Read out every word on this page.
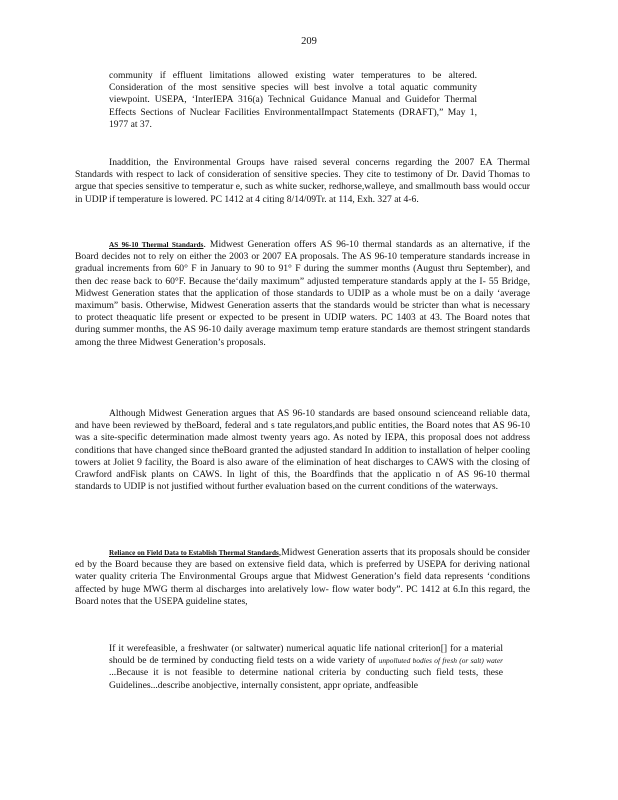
209

community if effluent limitations allowed existing water temperatures to be altered. Consideration of the most sensitive species will best involve a total aquatic community viewpoint. USEPA, ‘InterIEPA 316(a) Technical Guidance Manual and Guidefor Thermal Effects Sections of Nuclear Facilities EnvironmentalImpact Statements (DRAFT),” May 1, 1977 at 37.

Inaddition, the Environmental Groups have raised several concerns regarding the 2007 EA Thermal Standards with respect to lack of consideration of sensitive species. They cite to testimony of Dr. David Thomas to argue that species sensitive to temperatur e, such as white sucker, redhorse,walleye, and smallmouth bass would occur in UDIP if temperature is lowered. PC 1412 at 4 citing 8/14/09Tr. at 114, Exh. 327 at 4-6.

AS 96-10 Thermal Standards. Midwest Generation offers AS 96-10 thermal standards as an alternative, if the Board decides not to rely on either the 2003 or 2007 EA proposals. The AS 96-10 temperature standards increase in gradual increments from 60° F in January to 90 to 91° F during the summer months (August thru September), and then dec rease back to 60°F. Because the‘daily maximum” adjusted temperature standards apply at the I- 55 Bridge, Midwest Generation states that the application of those standards to UDIP as a whole must be on a daily ‘average maximum” basis. Otherwise, Midwest Generation asserts that the standards would be stricter than what is necessary to protect theaquatic life present or expected to be present in UDIP waters. PC 1403 at 43. The Board notes that during summer months, the AS 96-10 daily average maximum temp erature standards are themost stringent standards among the three Midwest Generation’s proposals.

Although Midwest Generation argues that AS 96-10 standards are based onsound scienceand reliable data, and have been reviewed by theBoard, federal and s tate regulators,and public entities, the Board notes that AS 96-10 was a site-specific determination made almost twenty years ago. As noted by IEPA, this proposal does not address conditions that have changed since theBoard granted the adjusted standard In addition to installation of helper cooling towers at Joliet 9 facility, the Board is also aware of the elimination of heat discharges to CAWS with the closing of Crawford andFisk plants on CAWS. In light of this, the Boardfinds that the applicatio n of AS 96-10 thermal standards to UDIP is not justified without further evaluation based on the current conditions of the waterways.

Reliance on Field Data to Establish Thermal Standards,Midwest Generation asserts that its proposals should be consider ed by the Board because they are based on extensive field data, which is preferred by USEPA for deriving national water quality criteria The Environmental Groups argue that Midwest Generation’s field data represents ‘conditions affected by huge MWG therm al discharges into arelatively low- flow water body”. PC 1412 at 6.In this regard, the Board notes that the USEPA guideline states,

If it werefeasible, a freshwater (or saltwater) numerical aquatic life national criterion[] for a material should be de termined by conducting field tests on a wide variety of unpolluted bodies of fresh (or salt) water ...Because it is not feasible to determine national criteria by conducting such field tests, these Guidelines...describe anobjective, internally consistent, appr opriate, andfeasible
